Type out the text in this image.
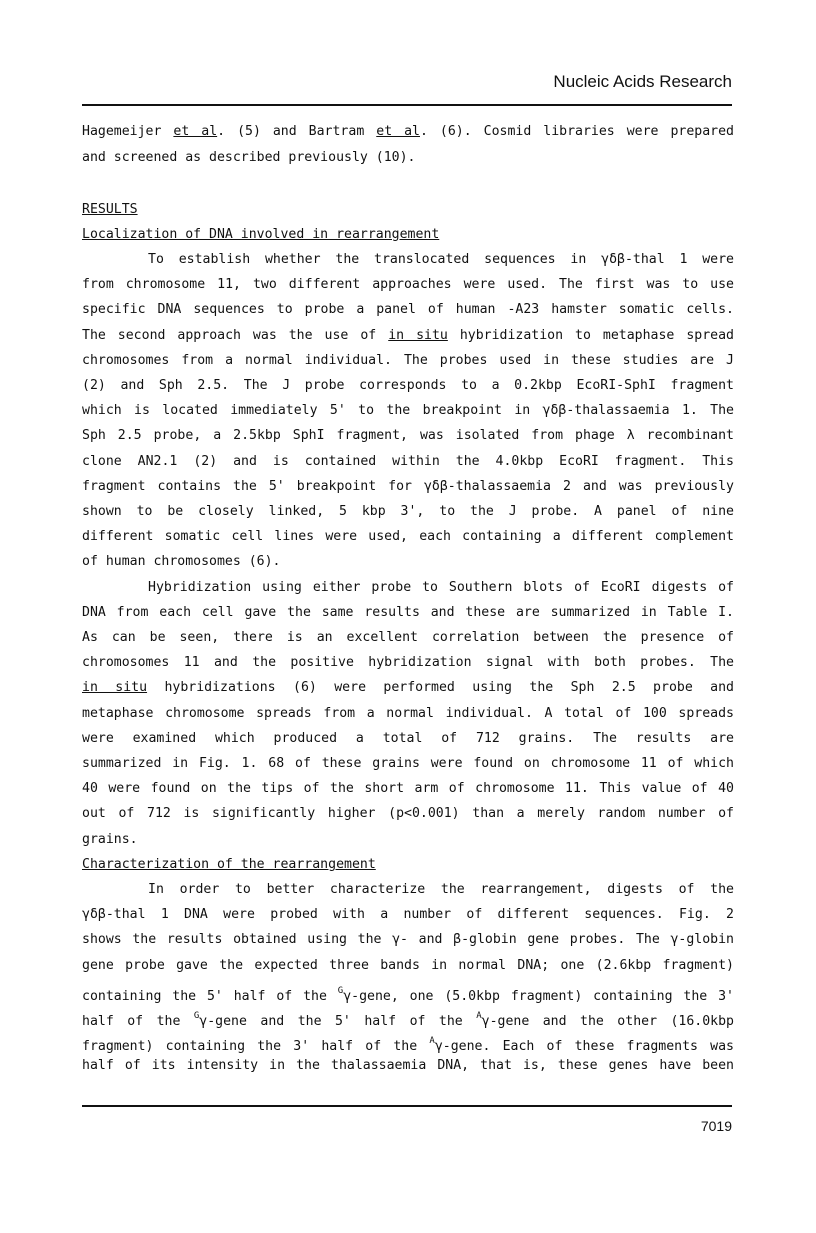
Nucleic Acids Research
Hagemeijer et al. (5) and Bartram et al. (6). Cosmid libraries were prepared
and screened as described previously (10).
RESULTS
Localization of DNA involved in rearrangement
To establish whether the translocated sequences in γδβ-thal 1 were
from chromosome 11, two different approaches were used. The first was to use
specific DNA sequences to probe a panel of human -A23 hamster somatic cells.
The second approach was the use of in situ hybridization to metaphase spread
chromosomes from a normal individual. The probes used in these studies are J
(2) and Sph 2.5. The J probe corresponds to a 0.2kbp EcoRI-SphI fragment
which is located immediately 5' to the breakpoint in γδβ-thalassaemia 1. The
Sph 2.5 probe, a 2.5kbp SphI fragment, was isolated from phage λ recombinant
clone AN2.1 (2) and is contained within the 4.0kbp EcoRI fragment. This
fragment contains the 5' breakpoint for γδβ-thalassaemia 2 and was previously
shown to be closely linked, 5 kbp 3', to the J probe. A panel of nine
different somatic cell lines were used, each containing a different complement
of human chromosomes (6).
Hybridization using either probe to Southern blots of EcoRI digests of
DNA from each cell gave the same results and these are summarized in Table I.
As can be seen, there is an excellent correlation between the presence of
chromosomes 11 and the positive hybridization signal with both probes. The
in situ hybridizations (6) were performed using the Sph 2.5 probe and
metaphase chromosome spreads from a normal individual. A total of 100 spreads
were examined which produced a total of 712 grains. The results are
summarized in Fig. 1. 68 of these grains were found on chromosome 11 of which
40 were found on the tips of the short arm of chromosome 11. This value of 40
out of 712 is significantly higher (p<0.001) than a merely random number of
grains.
Characterization of the rearrangement
In order to better characterize the rearrangement, digests of the
γδβ-thal 1 DNA were probed with a number of different sequences. Fig. 2
shows the results obtained using the γ- and β-globin gene probes. The γ-globin
gene probe gave the expected three bands in normal DNA; one (2.6kbp fragment)
containing the 5' half of the $^G$γ-gene, one (5.0kbp fragment) containing the 3'
half of the $^G$γ-gene and the 5' half of the $^A$γ-gene and the other (16.0kbp
fragment) containing the 3' half of the $^A$γ-gene. Each of these fragments was
half of its intensity in the thalassaemia DNA, that is, these genes have been
7019
